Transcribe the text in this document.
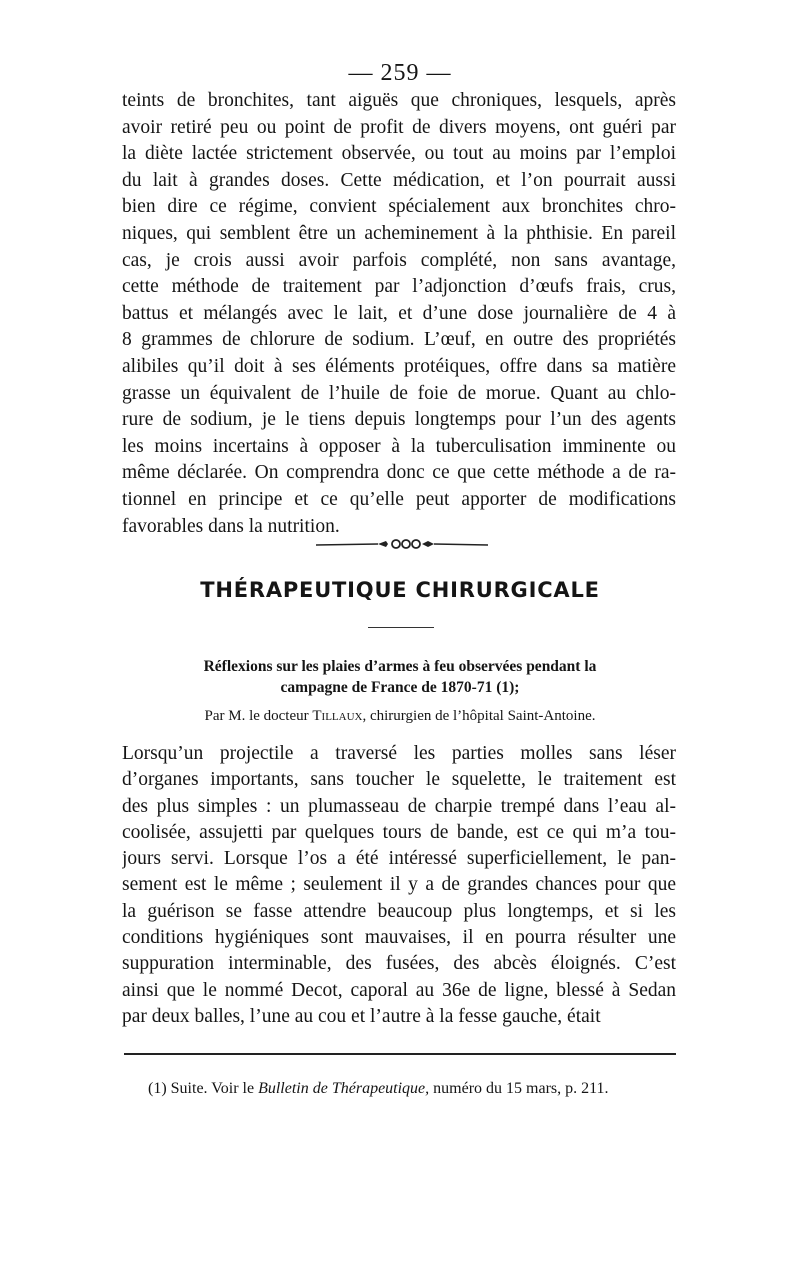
— 259 —
teints de bronchites, tant aiguës que chroniques, lesquels, après
avoir retiré peu ou point de profit de divers moyens, ont guéri par
la diète lactée strictement observée, ou tout au moins par l’emploi
du lait à grandes doses. Cette médication, et l’on pourrait aussi
bien dire ce régime, convient spécialement aux bronchites chro-
niques, qui semblent être un acheminement à la phthisie. En pareil
cas, je crois aussi avoir parfois complété, non sans avantage,
cette méthode de traitement par l’adjonction d’œufs frais, crus,
battus et mélangés avec le lait, et d’une dose journalière de 4 à
8 grammes de chlorure de sodium. L’œuf, en outre des propriétés
alibiles qu’il doit à ses éléments protéiques, offre dans sa matière
grasse un équivalent de l’huile de foie de morue. Quant au chlo-
rure de sodium, je le tiens depuis longtemps pour l’un des agents
les moins incertains à opposer à la tuberculisation imminente ou
même déclarée. On comprendra donc ce que cette méthode a de ra-
tionnel en principe et ce qu’elle peut apporter de modifications
favorables dans la nutrition.
THÉRAPEUTIQUE CHIRURGICALE
Réflexions sur les plaies d’armes à feu observées pendant la
campagne de France de 1870-71 (1);
Par M. le docteur Tillaux, chirurgien de l’hôpital Saint-Antoine.
Lorsqu’un projectile a traversé les parties molles sans léser
d’organes importants, sans toucher le squelette, le traitement est
des plus simples : un plumasseau de charpie trempé dans l’eau al-
coolisée, assujetti par quelques tours de bande, est ce qui m’a tou-
jours servi. Lorsque l’os a été intéressé superficiellement, le pan-
sement est le même ; seulement il y a de grandes chances pour que
la guérison se fasse attendre beaucoup plus longtemps, et si les
conditions hygiéniques sont mauvaises, il en pourra résulter une
suppuration interminable, des fusées, des abcès éloignés. C’est
ainsi que le nommé Decot, caporal au 36e de ligne, blessé à Sedan
par deux balles, l’une au cou et l’autre à la fesse gauche, était
(1) Suite. Voir le Bulletin de Thérapeutique, numéro du 15 mars, p. 211.
